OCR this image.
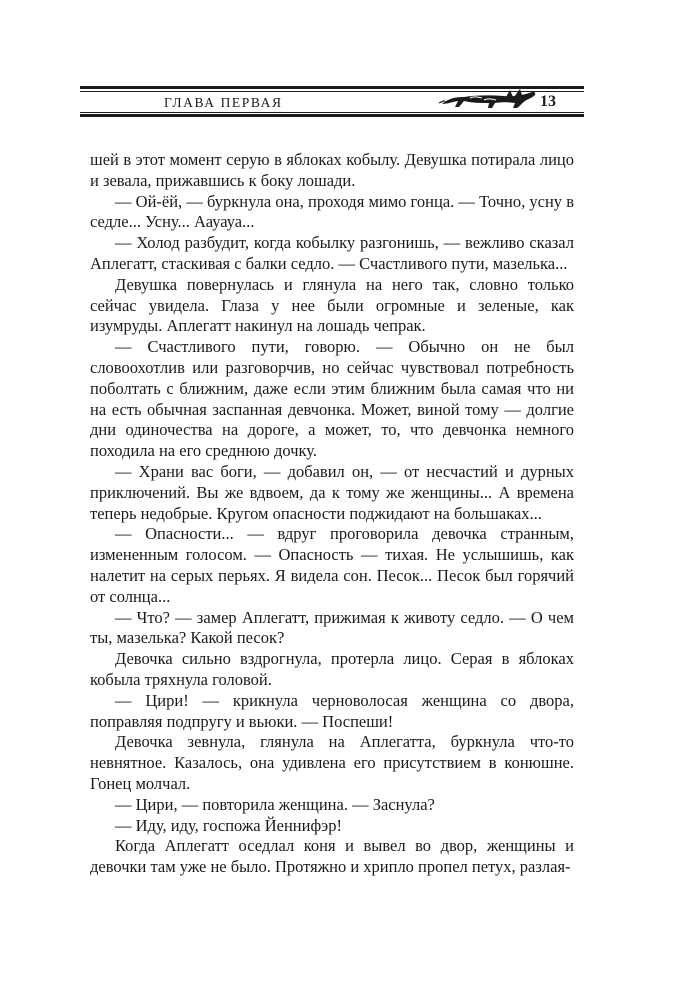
ГЛАВА ПЕРВАЯ	13

шей в этот момент серую в яблоках кобылу. Девушка потирала лицо и зевала, прижавшись к боку лошади.

— Ой-ёй, — буркнула она, проходя мимо гонца. — Точно, усну в седле... Усну... Аауауа...

— Холод разбудит, когда кобылку разгонишь, — вежливо сказал Аплегатт, стаскивая с балки седло. — Счастливого пути, мазелька...

Девушка повернулась и глянула на него так, словно только сейчас увидела. Глаза у нее были огромные и зеленые, как изумруды. Аплегатт накинул на лошадь чепрак.

— Счастливого пути, говорю. — Обычно он не был словоохотлив или разговорчив, но сейчас чувствовал потребность поболтать с ближним, даже если этим ближним была самая что ни на есть обычная заспанная девчонка. Может, виной тому — долгие дни одиночества на дороге, а может, то, что девчонка немного походила на его среднюю дочку.

— Храни вас боги, — добавил он, — от несчастий и дурных приключений. Вы же вдвоем, да к тому же женщины... А времена теперь недобрые. Кругом опасности поджидают на большаках...

— Опасности... — вдруг проговорила девочка странным, измененным голосом. — Опасность — тихая. Не услышишь, как налетит на серых перьях. Я видела сон. Песок... Песок был горячий от солнца...

— Что? — замер Аплегатт, прижимая к животу седло. — О чем ты, мазелька? Какой песок?

Девочка сильно вздрогнула, протерла лицо. Серая в яблоках кобыла тряхнула головой.

— Цири! — крикнула черноволосая женщина со двора, поправляя подпругу и вьюки. — Поспеши!

Девочка зевнула, глянула на Аплегатта, буркнула что-то невнятное. Казалось, она удивлена его присутствием в конюшне. Гонец молчал.

— Цири, — повторила женщина. — Заснула?

— Иду, иду, госпожа Йеннифэр!

Когда Аплегатт оседлал коня и вывел во двор, женщины и девочки там уже не было. Протяжно и хрипло пропел петух, разлая-
